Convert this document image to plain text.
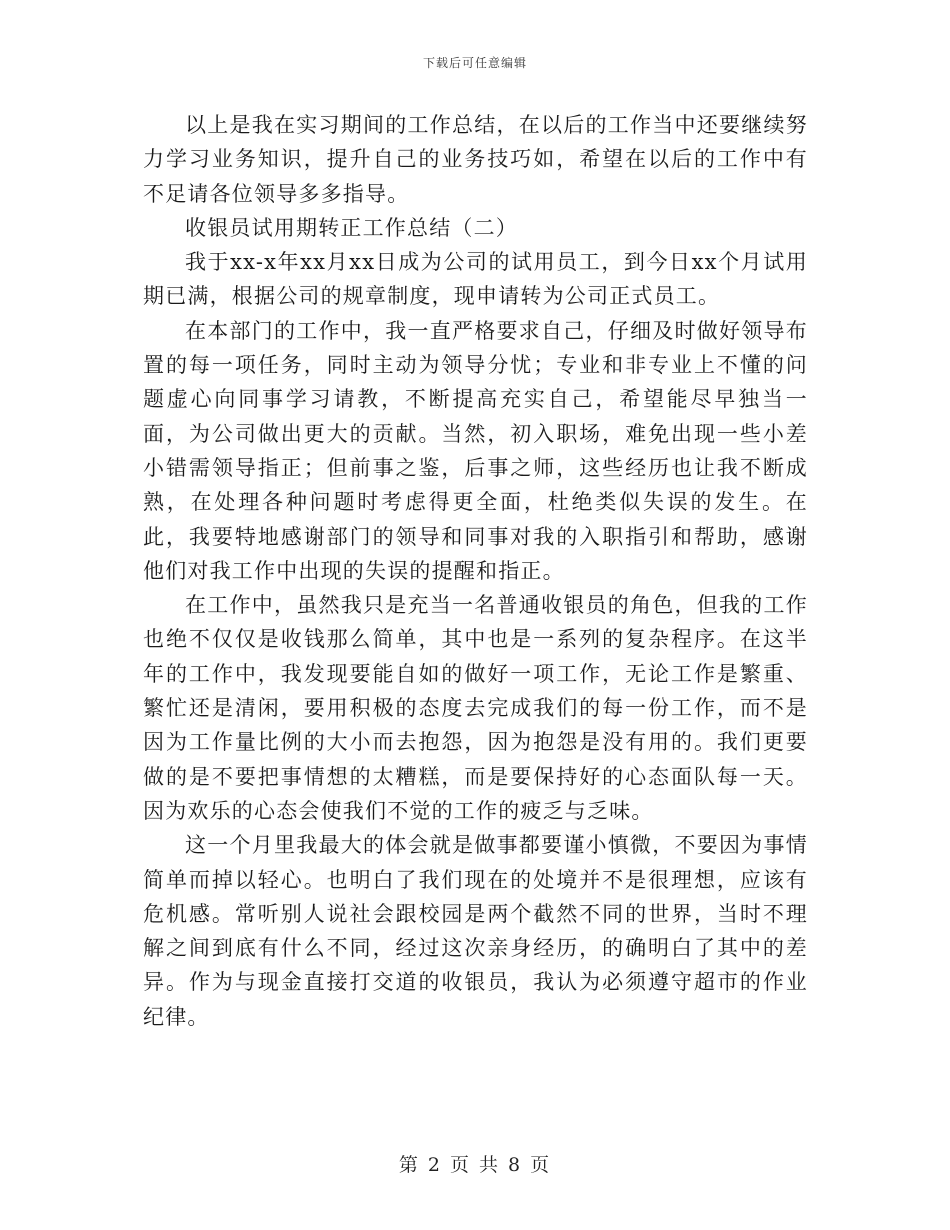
下载后可任意编辑

以上是我在实习期间的工作总结，在以后的工作当中还要继续努力学习业务知识，提升自己的业务技巧如，希望在以后的工作中有不足请各位领导多多指导。

收银员试用期转正工作总结（二）

我于xx-x年xx月xx日成为公司的试用员工，到今日xx个月试用期已满，根据公司的规章制度，现申请转为公司正式员工。

在本部门的工作中，我一直严格要求自己，仔细及时做好领导布置的每一项任务，同时主动为领导分忧；专业和非专业上不懂的问题虚心向同事学习请教，不断提高充实自己，希望能尽早独当一面，为公司做出更大的贡献。当然，初入职场，难免出现一些小差小错需领导指正；但前事之鉴，后事之师，这些经历也让我不断成熟，在处理各种问题时考虑得更全面，杜绝类似失误的发生。在此，我要特地感谢部门的领导和同事对我的入职指引和帮助，感谢他们对我工作中出现的失误的提醒和指正。

在工作中，虽然我只是充当一名普通收银员的角色，但我的工作也绝不仅仅是收钱那么简单，其中也是一系列的复杂程序。在这半年的工作中，我发现要能自如的做好一项工作，无论工作是繁重、繁忙还是清闲，要用积极的态度去完成我们的每一份工作，而不是因为工作量比例的大小而去抱怨，因为抱怨是没有用的。我们更要做的是不要把事情想的太糟糕，而是要保持好的心态面队每一天。因为欢乐的心态会使我们不觉的工作的疲乏与乏味。

这一个月里我最大的体会就是做事都要谨小慎微，不要因为事情简单而掉以轻心。也明白了我们现在的处境并不是很理想，应该有危机感。常听别人说社会跟校园是两个截然不同的世界，当时不理解之间到底有什么不同，经过这次亲身经历，的确明白了其中的差异。作为与现金直接打交道的收银员，我认为必须遵守超市的作业纪律。

第 2 页 共 8 页
